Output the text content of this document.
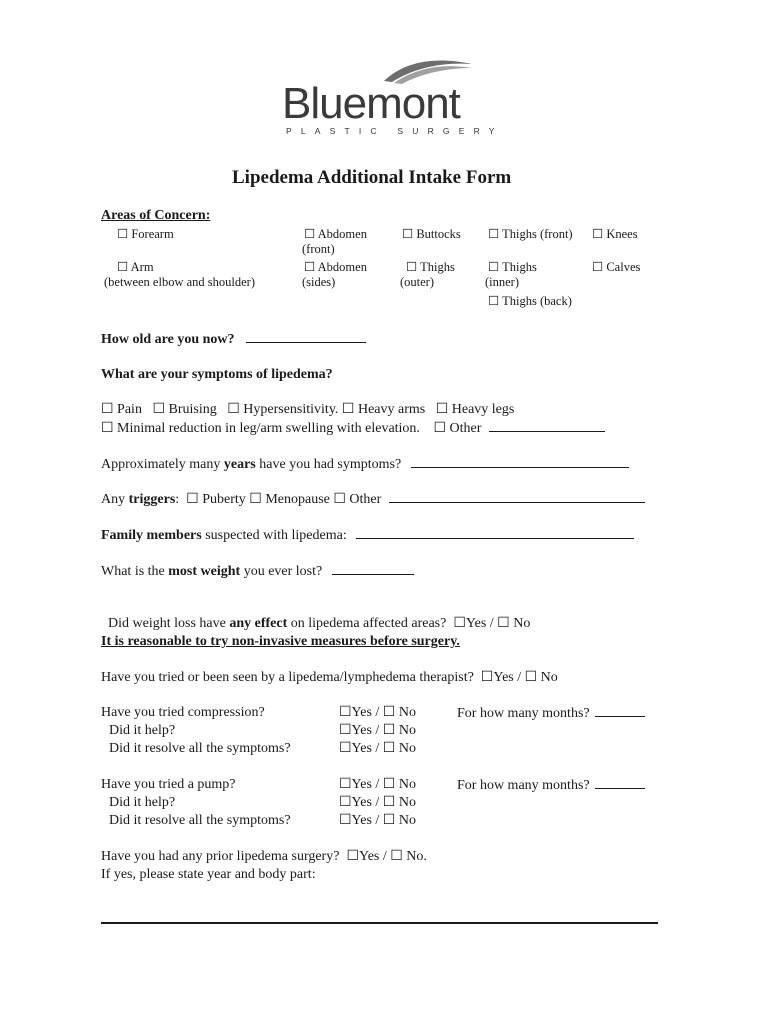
Bluemont
PLASTIC SURGERY
Lipedema Additional Intake Form
Areas of Concern:
☐ Forearm
☐ Arm
(between elbow and shoulder)
☐ Abdomen
(front)
☐ Abdomen
(sides)
☐ Buttocks
☐ Thighs
(outer)
☐ Thighs (front)
☐ Thighs
(inner)
☐ Thighs (back)
☐ Knees
☐ Calves
How old are you now?
What are your symptoms of lipedema?
☐ Pain   ☐ Bruising   ☐ Hypersensitivity. ☐ Heavy arms   ☐ Heavy legs
☐ Minimal reduction in leg/arm swelling with elevation. ☐ Other
Approximately many years have you had symptoms?
Any triggers:  ☐ Puberty ☐ Menopause ☐ Other
Family members suspected with lipedema:
What is the most weight you ever lost?

Did weight loss have any effect on lipedema affected areas?  ☐Yes / ☐ No

It is reasonable to try non-invasive measures before surgery.
Have you tried or been seen by a lipedema/lymphedema therapist?  ☐Yes / ☐ No
Have you tried compression?
Did it help?
Did it resolve all the symptoms?
☐Yes / ☐ No
☐Yes / ☐ No
☐Yes / ☐ No
For how many months?
Have you tried a pump?
Did it help?
Did it resolve all the symptoms?
☐Yes / ☐ No
☐Yes / ☐ No
☐Yes / ☐ No
For how many months?
Have you had any prior lipedema surgery?  ☐Yes / ☐ No.
If yes, please state year and body part:
